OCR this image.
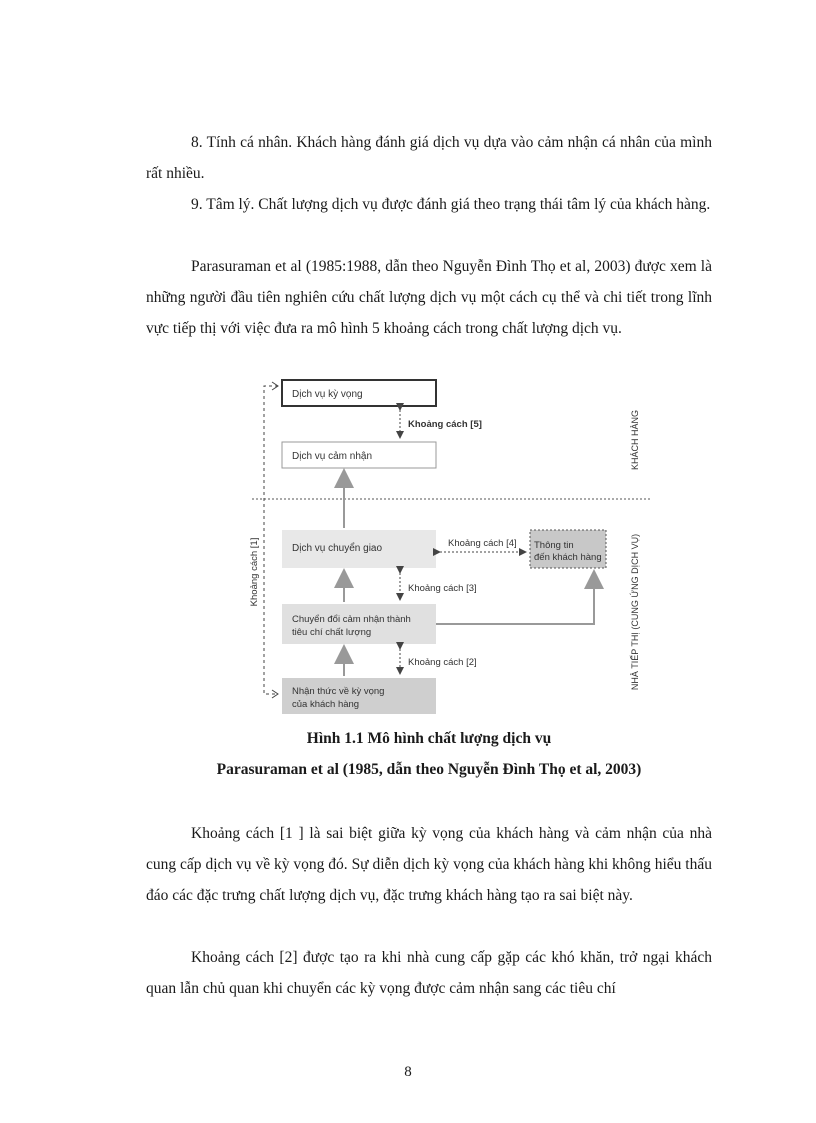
8. Tính cá nhân. Khách hàng đánh giá dịch vụ dựa vào cảm nhận cá nhân của mình rất nhiều.

9. Tâm lý. Chất lượng dịch vụ được đánh giá theo trạng thái tâm lý của khách hàng.

Parasuraman et al (1985:1988, dẫn theo Nguyễn Đình Thọ et al, 2003) được xem là những người đầu tiên nghiên cứu chất lượng dịch vụ một cách cụ thể và chi tiết trong lĩnh vực tiếp thị với việc đưa ra mô hình 5 khoảng cách trong chất lượng dịch vụ.

Dịch vụ kỳ vọng
Dịch vụ cảm nhận
Khoảng cách [5]
Dịch vụ chuyển giao	Thông tin
đến khách hàng
Khoảng cách [4]
Chuyển đổi cảm nhận thành
tiêu chí chất lượng
Khoảng cách [3]
Nhận thức về kỳ vọng
của khách hàng
Khoảng cách [2]
Khoảng cách [1]
KHÁCH HÀNG
NHÀ TIẾP THỊ (CUNG ỨNG DỊCH VỤ)

Hình 1.1 Mô hình chất lượng dịch vụ

Parasuraman et al (1985, dẫn theo Nguyễn Đình Thọ et al, 2003)

Khoảng cách [1 ] là sai biệt giữa kỳ vọng của khách hàng và cảm nhận của nhà cung cấp dịch vụ về kỳ vọng đó. Sự diễn dịch kỳ vọng của khách hàng khi không hiểu thấu đáo các đặc trưng chất lượng dịch vụ, đặc trưng khách hàng tạo ra sai biệt này.

Khoảng cách [2] được tạo ra khi nhà cung cấp gặp các khó khăn, trở ngại khách quan lẫn chủ quan khi chuyển các kỳ vọng được cảm nhận sang các tiêu chí

8
